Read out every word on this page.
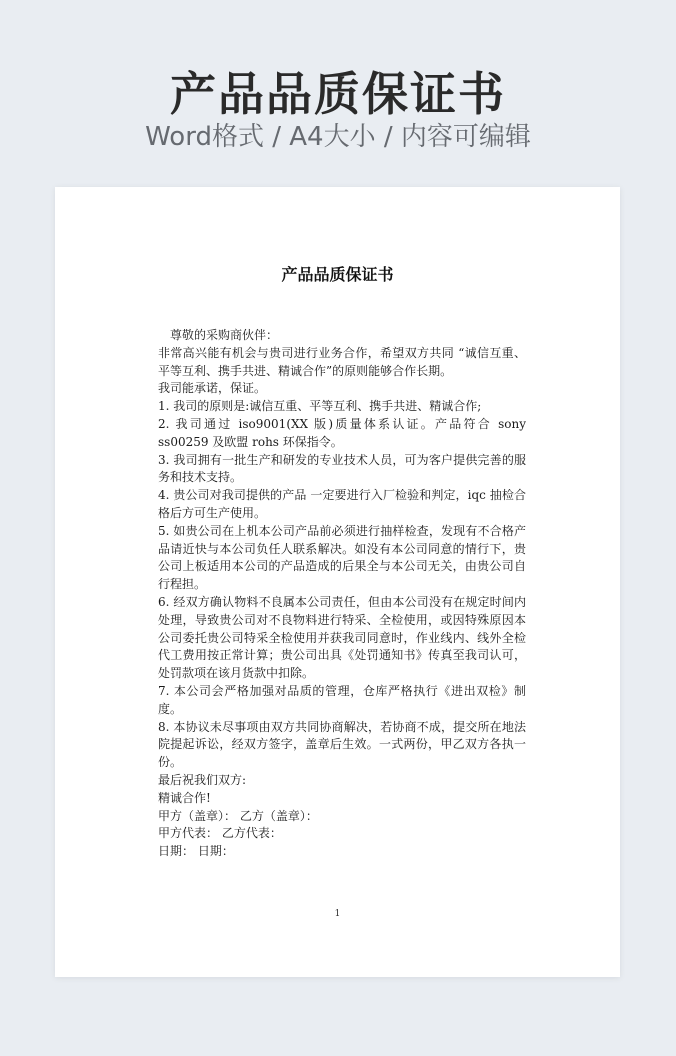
产品品质保证书
Word格式 / A4大小 / 内容可编辑
产品品质保证书

尊敬的采购商伙伴：

非常高兴能有机会与贵司进行业务合作，希望双方共同 “诚信互重、平等互利、携手共进、精诚合作”的原则能够合作长期。

我司能承诺，保证。

1. 我司的原则是:诚信互重、平等互利、携手共进、精诚合作;

2. 我司通过 iso9001(XX 版)质量体系认证。产品符合 sony ss00259 及欧盟 rohs 环保指令。

3. 我司拥有一批生产和研发的专业技术人员，可为客户提供完善的服务和技术支持。

4. 贵公司对我司提供的产品 一定要进行入厂检验和判定，iqc 抽检合格后方可生产使用。

5. 如贵公司在上机本公司产品前必须进行抽样检查，发现有不合格产品请近快与本公司负任人联系解决。如没有本公司同意的情行下，贵公司上板适用本公司的产品造成的后果全与本公司无关，由贵公司自行程担。

6. 经双方确认物料不良属本公司责任，但由本公司没有在规定时间内处理，导致贵公司对不良物料进行特采、全检使用，或因特殊原因本公司委托贵公司特采全检使用并获我司同意时，作业线内、线外全检代工费用按正常计算；贵公司出具《处罚通知书》传真至我司认可，处罚款项在该月货款中扣除。

7. 本公司会严格加强对品质的管理，仓库严格执行《进出双检》制度。

8. 本协议未尽事项由双方共同协商解决，若协商不成，提交所在地法院提起诉讼，经双方签字，盖章后生效。一式两份，甲乙双方各执一份。

最后祝我们双方:

精诚合作!

甲方（盖章）： 乙方（盖章）：

甲方代表： 乙方代表：

日期： 日期：

1
